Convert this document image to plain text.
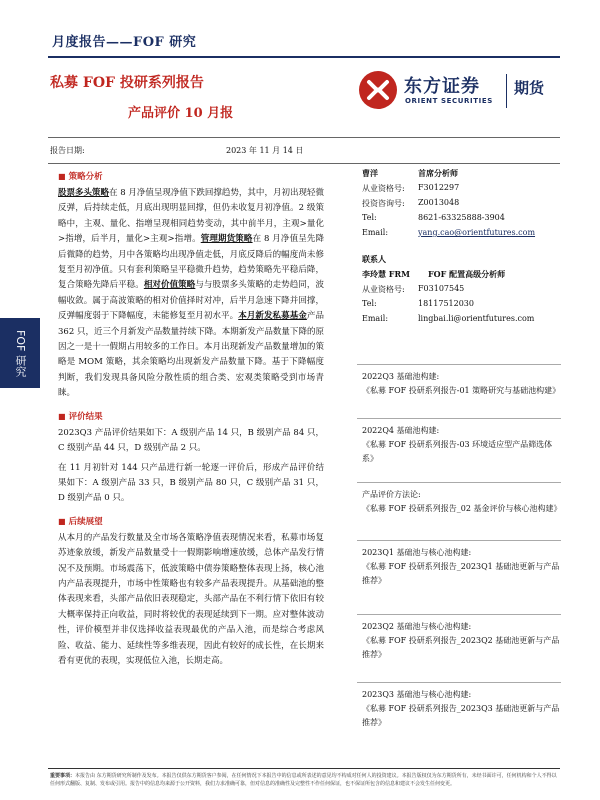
月度报告——FOF 研究
私募 FOF 投研系列报告
产品评价 10 月报
东方证券
ORIENT SECURITIES
期货
报告日期:	2023 年 11 月 14 日
FOF 研究
■ 策略分析
股票多头策略在 8 月净值呈现净值下跌回撑趋势，其中，月初出现轻微反弹，后持续走低，月底出现明显回撑，但仍未收复月初净值。2 级策略中，主观、量化、指增呈现相同趋势变动，其中前半月，主观>量化>指增，后半月，量化>主观>指增。管理期货策略在 8 月净值呈先降后微降的趋势，月中各策略均出现净值走低，月底反降后的幅度尚未修复至月初净值。只有套利策略呈平稳微升趋势，趋势策略先平稳后降，复合策略先降后平稳。相对价值策略与与股票多头策略的走势趋同，波幅收敛。属于高波策略的相对价值择时对冲，后半月急速下降并回撑，反弹幅度弱于下降幅度，未能修复至月初水平。本月新发私募基金产品 362 只，近三个月新发产品数量持续下降。本期新发产品数量下降的原因之一是十一假期占用较多的工作日。本月出现新发产品数量增加的策略是 MOM 策略，其余策略均出现新发产品数量下降。基于下降幅度判断，我们发现具备风险分散性质的组合类、宏观类策略受到市场青睐。
■ 评价结果
2023Q3 产品评价结果如下：A 级别产品 14 只，B 级别产品 84 只，C 级别产品 44 只，D 级别产品 2 只。
在 11 月初针对 144 只产品进行新一轮逐一评价后，形成产品评价结果如下：A 级别产品 33 只，B 级别产品 80 只，C 级别产品 31 只，D 级别产品 0 只。
■ 后续展望
从本月的产品发行数量及全市场各策略净值表现情况来看，私募市场复苏迹象放缓，新发产品数量受十一假期影响增速放缓，总体产品发行情况不及预期。市场震荡下，低波策略中债券策略整体表现上扬，核心池内产品表现提升，市场中性策略也有较多产品表现提升。从基础池的整体表现来看，头部产品依旧表现稳定，头部产品在不利行情下依旧有较大概率保持正向收益，同时将较优的表现延续到下一期。应对整体波动性，评价模型并非仅选择收益表现最优的产品入池，而是综合考虑风险、收益、能力、延续性等多维表现，因此有较好的成长性，在长期来看有更优的表现，实现低位入池，长期走高。
曹洋	首席分析师
从业资格号: F3012297
投资咨询号: Z0013048
Tel:	8621-63325888-3904
Email:	yang.cao@orientfutures.com
联系人
李玲慧 FRM FOF 配置高级分析师
从业资格号: F03107545
Tel:	18117512030
Email:	lingbai.li@orientfutures.com
2022Q3 基础池构建:
《私募 FOF 投研系列报告-01 策略研究与基础池构建》
2022Q4 基础池构建:
《私募 FOF 投研系列报告-03 环境适应型产品筛选体系》
产品评价方法论:
《私募 FOF 投研系列报告_02 基金评价与核心池构建》
2023Q1 基础池与核心池构建:
《私募 FOF 投研系列报告_2023Q1 基础池更新与产品推荐》
2023Q2 基础池与核心池构建:
《私募 FOF 投研系列报告_2023Q2 基础池更新与产品推荐》
2023Q3 基础池与核心池构建:
《私募 FOF 投研系列报告_2023Q3 基础池更新与产品推荐》
重要事项：本报告由 东方期货研究所制作及发布。本报告仅供东方期货客户参阅，在任何情况下本报告中的信息或所表述的意见均不构成对任何人的投资建议。本报告版权仅为东方期货所有，未经书面许可，任何机构和个人不得以任何形式翻版、复制、发布或引用。报告中的信息均来源于公开资料，我们力求准确可靠，但对信息的准确性及完整性不作任何保证，也不保证所包含的信息和建议不会发生任何变更。
